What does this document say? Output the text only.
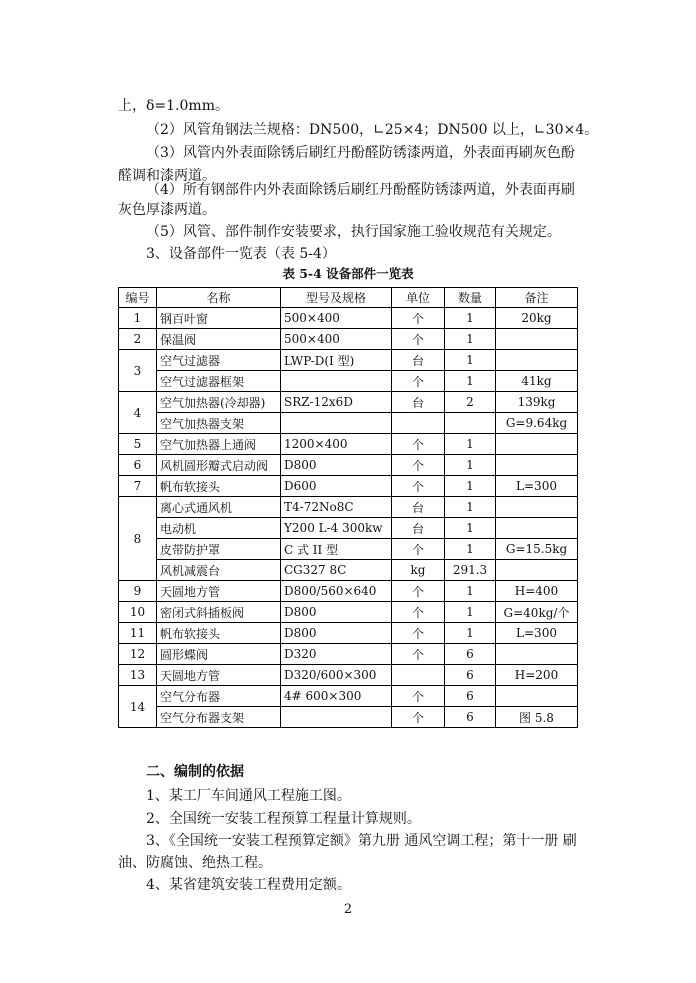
上，δ=1.0mm。
（2）风管角钢法兰规格：DN500，∟25×4；DN500 以上，∟30×4。
（3）风管内外表面除锈后刷红丹酚醛防锈漆两道，外表面再刷灰色酚
醛调和漆两道。
（4）所有钢部件内外表面除锈后刷红丹酚醛防锈漆两道，外表面再刷
灰色厚漆两道。
（5）风管、部件制作安装要求，执行国家施工验收规范有关规定。
3、设备部件一览表（表 5-4）
表 5-4 设备部件一览表
编号	名称	型号及规格	单位	数量	备注
1	钢百叶窗	500×400	个	1	20kg
2	保温阀	500×400	个	1	
3	空气过滤器	LWP-D(I 型)	台	1	
	空气过滤器框架		个	1	41kg
4	空气加热器(冷却器)	SRZ-12x6D	台	2	139kg
	空气加热器支架				G=9.64kg
5	空气加热器上通阀	1200×400	个	1	
6	风机圆形瓣式启动阀	D800	个	1	
7	帆布软接头	D600	个	1	L=300
8	离心式通风机	T4-72No8C	台	1	
	电动机	Y200 L-4 300kw	台	1	
	皮带防护罩	C 式 II 型	个	1	G=15.5kg
	风机减震台	CG327 8C	kg	291.3	
9	天圆地方管	D800/560×640	个	1	H=400
10	密闭式斜插板阀	D800	个	1	G=40kg/个
11	帆布软接头	D800	个	1	L=300
12	圆形蝶阀	D320	个	6	
13	天圆地方管	D320/600×300		6	H=200
14	空气分布器	4# 600×300	个	6	
	空气分布器支架		个	6	图 5.8
二、编制的依据
1、某工厂车间通风工程施工图。
2、全国统一安装工程预算工程量计算规则。
3、《全国统一安装工程预算定额》第九册 通风空调工程；第十一册 刷
油、防腐蚀、绝热工程。
4、某省建筑安装工程费用定额。
2
